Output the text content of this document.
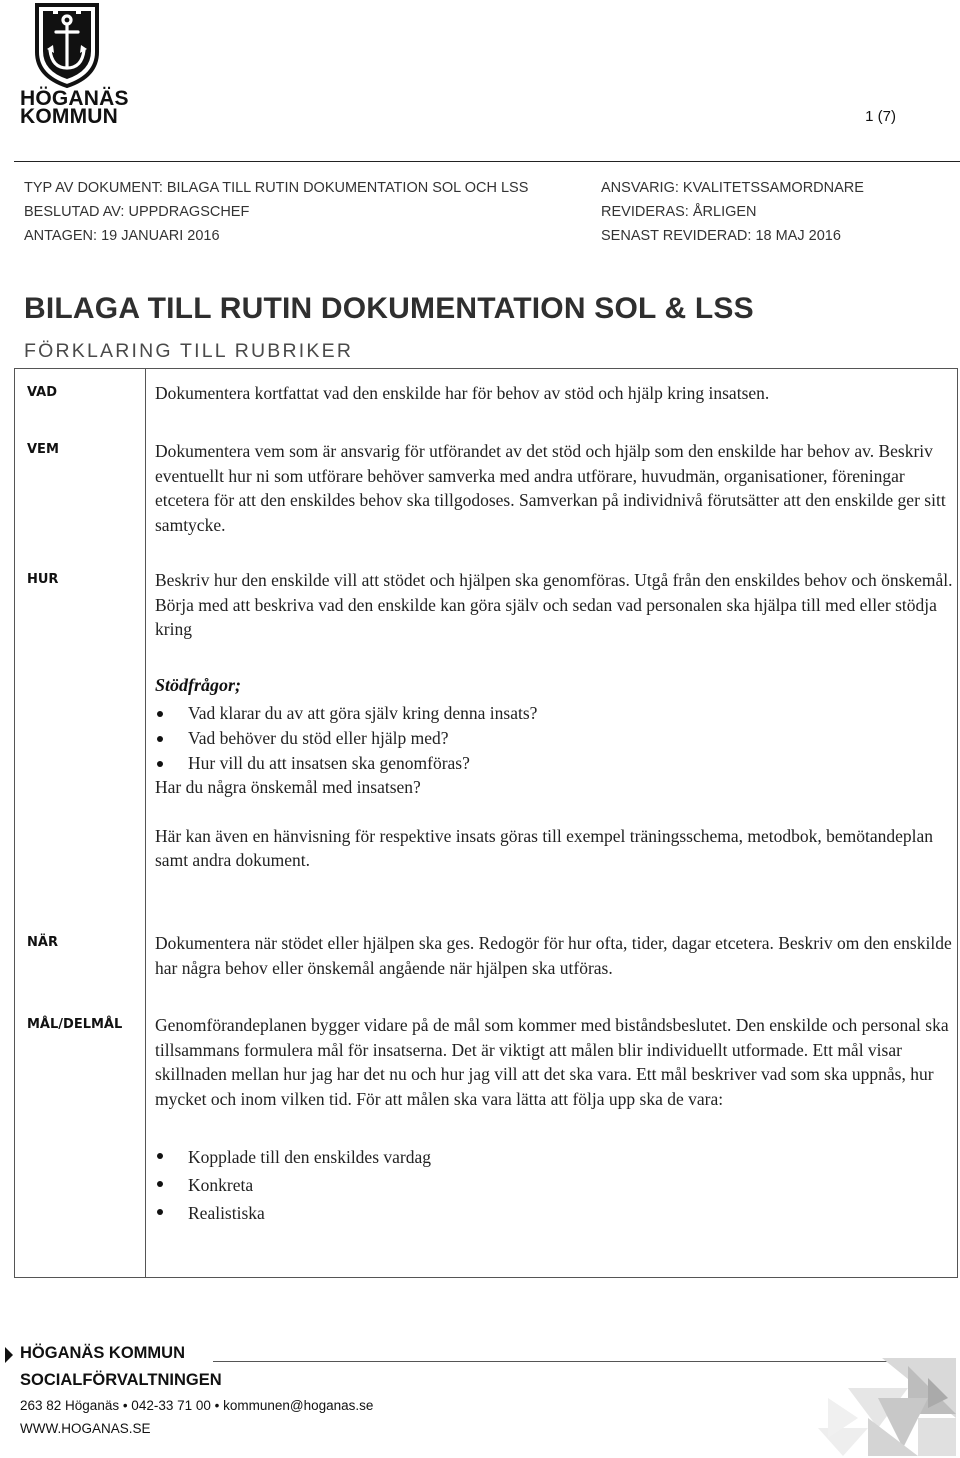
HÖGANÄS
KOMMUN	1 (7)
TYP AV DOKUMENT: BILAGA TILL RUTIN DOKUMENTATION SOL OCH LSS
BESLUTAD AV: UPPDRAGSCHEF
ANTAGEN: 19 JANUARI 2016
ANSVARIG: KVALITETSSAMORDNARE
REVIDERAS: ÅRLIGEN
SENAST REVIDERAD: 18 MAJ 2016
BILAGA TILL RUTIN DOKUMENTATION SOL & LSS
FÖRKLARING TILL RUBRIKER
VAD	Dokumentera kortfattat vad den enskilde har för behov av stöd och hjälp kring insatsen.

VEM	Dokumentera vem som är ansvarig för utförandet av det stöd och hjälp som den enskilde har behov av. Beskriv eventuellt hur ni som utförare behöver samverka med andra utförare, huvudmän, organisationer, föreningar etcetera för att den enskildes behov ska tillgodoses. Samverkan på individnivå förutsätter att den enskilde ger sitt samtycke.

HUR	Beskriv hur den enskilde vill att stödet och hjälpen ska genomföras. Utgå från den enskildes behov och önskemål. Börja med att beskriva vad den enskilde kan göra själv och sedan vad personalen ska hjälpa till med eller stödja kring

Stödfrågor;

Vad klarar du av att göra själv kring denna insats?
Vad behöver du stöd eller hjälp med?
Hur vill du att insatsen ska genomföras?

Har du några önskemål med insatsen?

Här kan även en hänvisning för respektive insats göras till exempel träningsschema, metodbok, bemötandeplan samt andra dokument.

NÄR	Dokumentera när stödet eller hjälpen ska ges. Redogör för hur ofta, tider, dagar etcetera. Beskriv om den enskilde har några behov eller önskemål angående när hjälpen ska utföras.

MÅL/DELMÅL Genomförandeplanen bygger vidare på de mål som kommer med biståndsbeslutet. Den enskilde och personal ska tillsammans formulera mål för insatserna. Det är viktigt att målen blir individuellt utformade. Ett mål visar skillnaden mellan hur jag har det nu och hur jag vill att det ska vara. Ett mål beskriver vad som ska uppnås, hur mycket och inom vilken tid. För att målen ska vara lätta att följa upp ska de vara:

Kopplade till den enskildes vardag
Konkreta
Realistiska
HÖGANÄS KOMMUN
SOCIALFÖRVALTNINGEN
263 82 Höganäs • 042-33 71 00 • kommunen@hoganas.se
WWW.HOGANAS.SE
